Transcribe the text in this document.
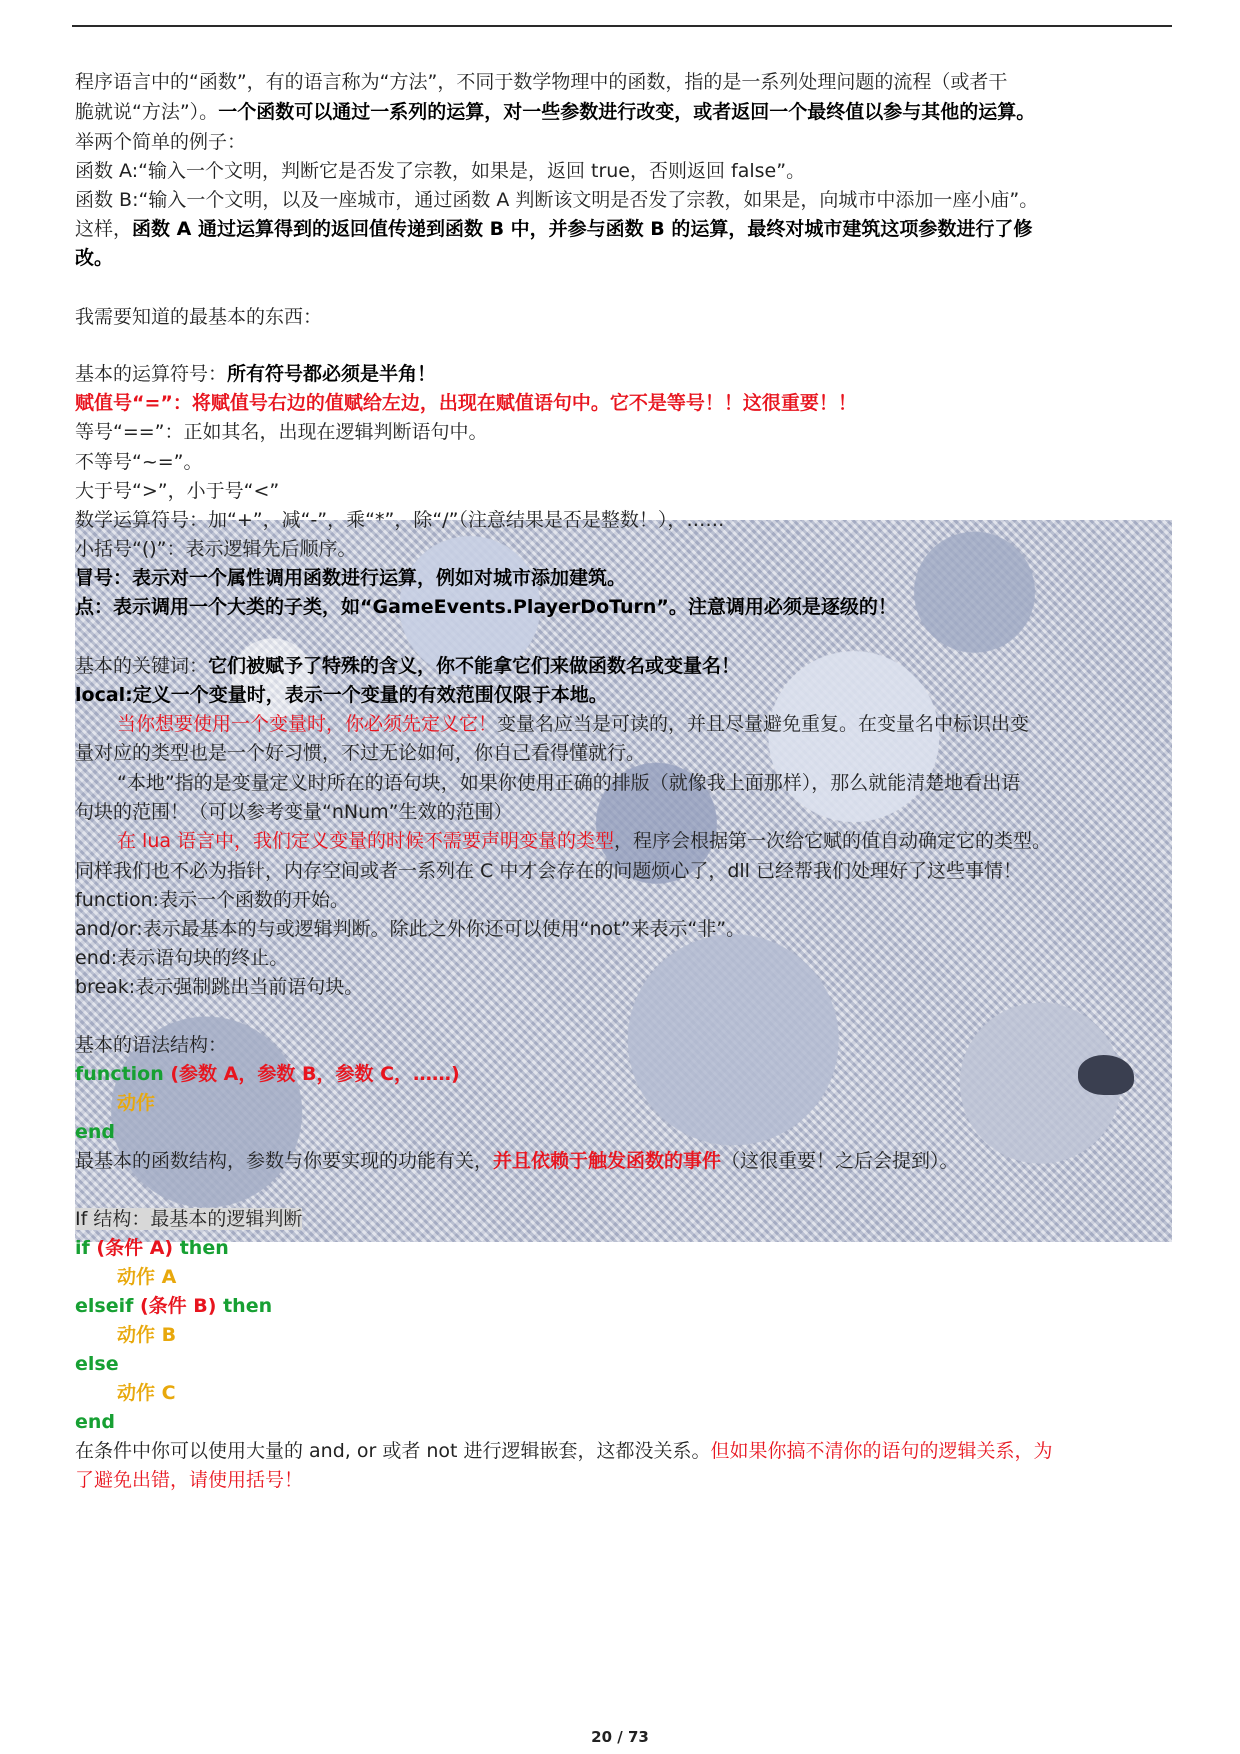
程序语言中的“函数”，有的语言称为“方法”，不同于数学物理中的函数，指的是一系列处理问题的流程（或者干
脆就说“方法”）。一个函数可以通过一系列的运算，对一些参数进行改变，或者返回一个最终值以参与其他的运算。
举两个简单的例子：
函数 A:“输入一个文明，判断它是否发了宗教，如果是，返回 true，否则返回 false”。
函数 B:“输入一个文明，以及一座城市，通过函数 A 判断该文明是否发了宗教，如果是，向城市中添加一座小庙”。
这样，函数 A 通过运算得到的返回值传递到函数 B 中，并参与函数 B 的运算，最终对城市建筑这项参数进行了修
改。
我需要知道的最基本的东西：
基本的运算符号：所有符号都必须是半角！
赋值号“=”：将赋值号右边的值赋给左边，出现在赋值语句中。它不是等号！！这很重要！！
等号“==”：正如其名，出现在逻辑判断语句中。
不等号“~=”。
大于号“>”，小于号“<”
数学运算符号：加“+”，减“-”，乘“*”，除“/”（注意结果是否是整数！），……
小括号“()”：表示逻辑先后顺序。
冒号：表示对一个属性调用函数进行运算，例如对城市添加建筑。
点：表示调用一个大类的子类，如“GameEvents.PlayerDoTurn”。注意调用必须是逐级的！
基本的关键词：它们被赋予了特殊的含义，你不能拿它们来做函数名或变量名！
local:定义一个变量时，表示一个变量的有效范围仅限于本地。
当你想要使用一个变量时，你必须先定义它！变量名应当是可读的，并且尽量避免重复。在变量名中标识出变
量对应的类型也是一个好习惯，不过无论如何，你自己看得懂就行。
“本地”指的是变量定义时所在的语句块，如果你使用正确的排版（就像我上面那样），那么就能清楚地看出语
句块的范围！（可以参考变量“nNum”生效的范围）
在 lua 语言中，我们定义变量的时候不需要声明变量的类型，程序会根据第一次给它赋的值自动确定它的类型。
同样我们也不必为指针，内存空间或者一系列在 C 中才会存在的问题烦心了，dll 已经帮我们处理好了这些事情！
function:表示一个函数的开始。
and/or:表示最基本的与或逻辑判断。除此之外你还可以使用“not”来表示“非”。
end:表示语句块的终止。
break:表示强制跳出当前语句块。
基本的语法结构：
function (参数 A，参数 B，参数 C，……)
动作
end
最基本的函数结构，参数与你要实现的功能有关，并且依赖于触发函数的事件（这很重要！之后会提到）。
If 结构：最基本的逻辑判断
if (条件 A) then
动作 A
elseif (条件 B) then
动作 B
else
动作 C
end
在条件中你可以使用大量的 and, or 或者 not 进行逻辑嵌套，这都没关系。但如果你搞不清你的语句的逻辑关系，为
了避免出错，请使用括号！
20 / 73
